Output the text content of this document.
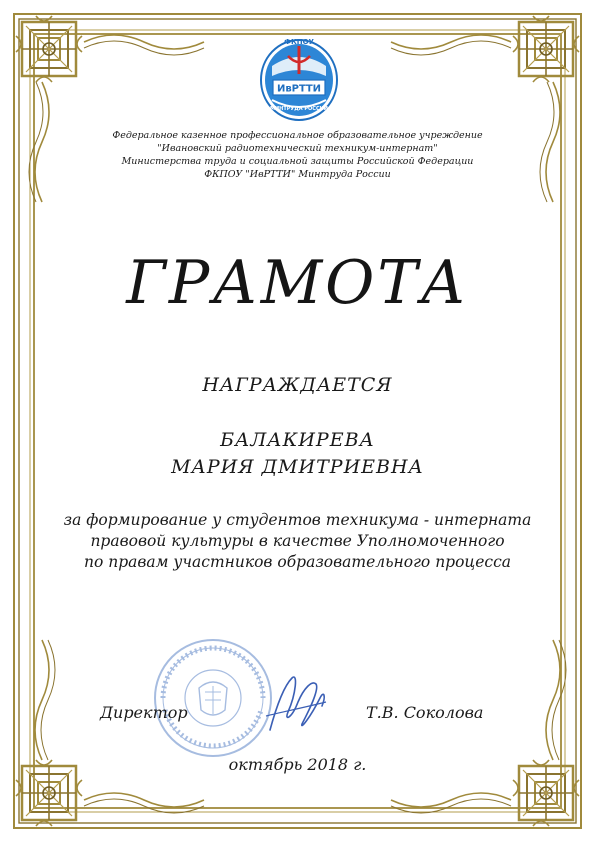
ФКПОУ
ИвРТТИ
МИНТРУДА РОССИИ
Федеральное казенное профессиональное образовательное учреждение
"Ивановский радиотехнический техникум-интернат"
Министерства труда и социальной защиты Российской Федерации
ФКПОУ "ИвРТТИ" Минтруда России
ГРАМОТА
НАГРАЖДАЕТСЯ
БАЛАКИРЕВА
МАРИЯ ДМИТРИЕВНА
за формирование у студентов техникума - интерната
правовой культуры в качестве Уполномоченного
по правам участников образовательного процесса
Директор	Т.В. Соколова
октябрь 2018 г.
